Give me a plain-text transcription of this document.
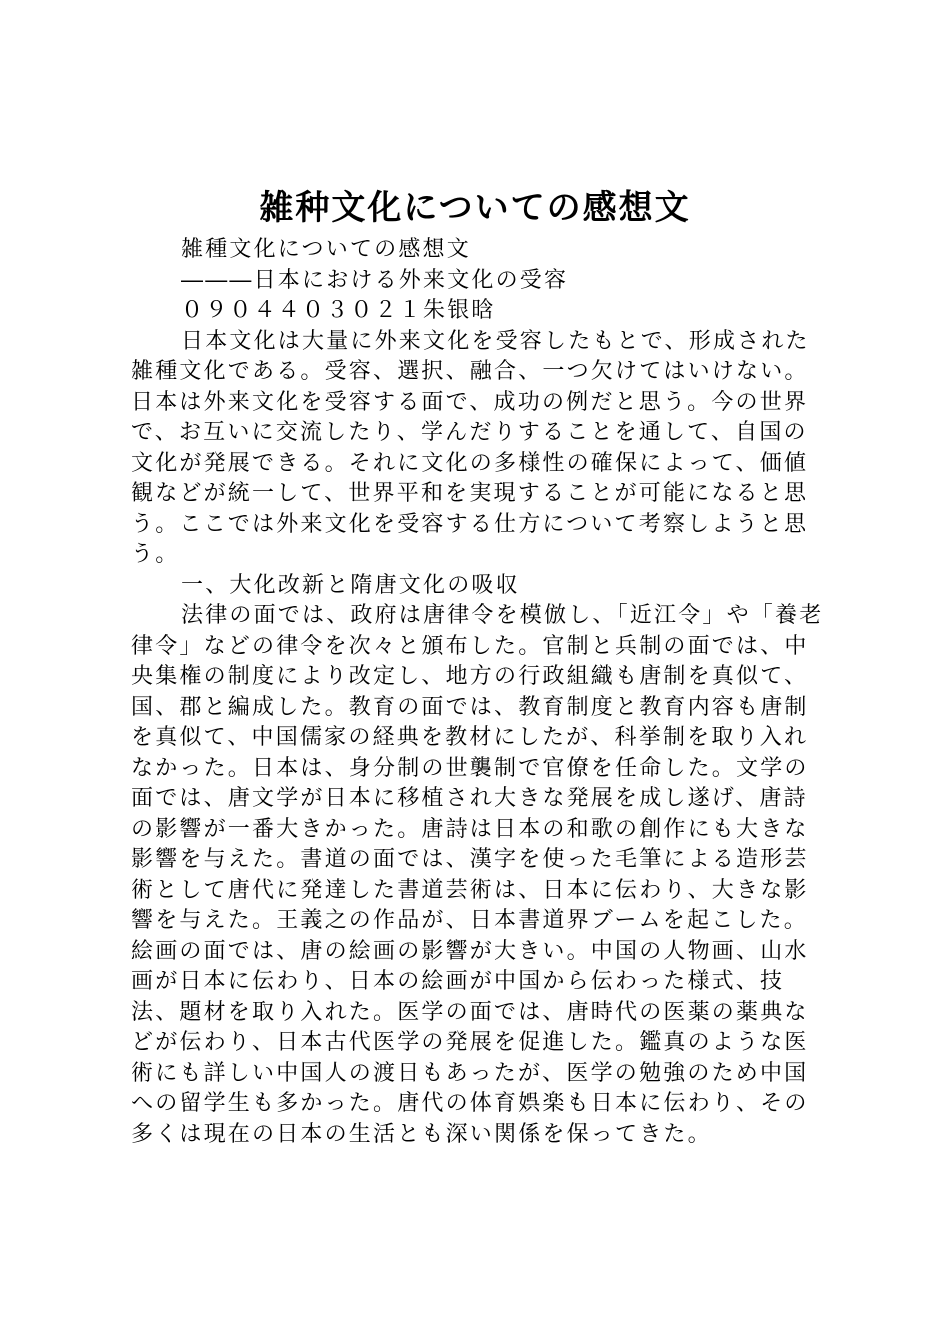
雑种文化についての感想文

雑種文化についての感想文

―――日本における外来文化の受容

０９０４４０３０２１朱银晗

日本文化は大量に外来文化を受容したもとで、形成された雑種文化である。受容、選択、融合、一つ欠けてはいけない。日本は外来文化を受容する面で、成功の例だと思う。今の世界で、お互いに交流したり、学んだりすることを通して、自国の文化が発展できる。それに文化の多様性の確保によって、価値観などが統一して、世界平和を実現することが可能になると思う。ここでは外来文化を受容する仕方について考察しようと思う。

一、大化改新と隋唐文化の吸収

法律の面では、政府は唐律令を模倣し、「近江令」や「養老律令」などの律令を次々と頒布した。官制と兵制の面では、中央集権の制度により改定し、地方の行政組織も唐制を真似て、国、郡と編成した。教育の面では、教育制度と教育内容も唐制を真似て、中国儒家の経典を教材にしたが、科挙制を取り入れなかった。日本は、身分制の世襲制で官僚を任命した。文学の面では、唐文学が日本に移植され大きな発展を成し遂げ、唐詩の影響が一番大きかった。唐詩は日本の和歌の創作にも大きな影響を与えた。書道の面では、漢字を使った毛筆による造形芸術として唐代に発達した書道芸術は、日本に伝わり、大きな影響を与えた。王義之の作品が、日本書道界ブームを起こした。絵画の面では、唐の絵画の影響が大きい。中国の人物画、山水画が日本に伝わり、日本の絵画が中国から伝わった様式、技法、題材を取り入れた。医学の面では、唐時代の医薬の薬典などが伝わり、日本古代医学の発展を促進した。鑑真のような医術にも詳しい中国人の渡日もあったが、医学の勉強のため中国への留学生も多かった。唐代の体育娯楽も日本に伝わり、その多くは現在の日本の生活とも深い関係を保ってきた。
